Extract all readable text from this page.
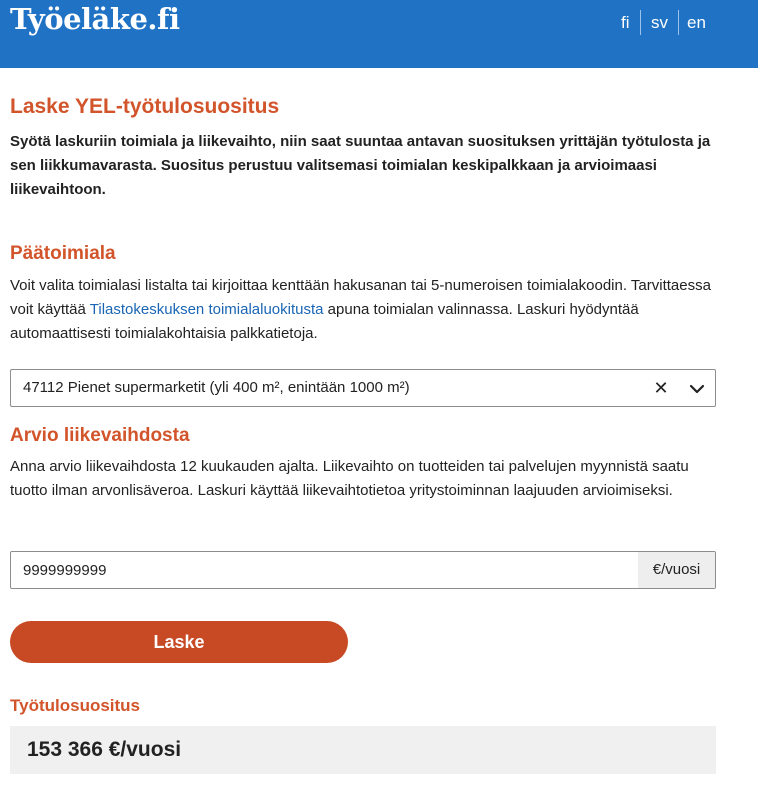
Työeläke.fi	fi sv en
Laske YEL-työtulosuositus

Syötä laskuriin toimiala ja liikevaihto, niin saat suuntaa antavan suosituksen yrittäjän työtulosta ja sen liikkumavarasta. Suositus perustuu valitsemasi toimialan keskipalkkaan ja arvioimaasi liikevaihtoon.

Päätoimiala

Voit valita toimialasi listalta tai kirjoittaa kenttään hakusanan tai 5-numeroisen toimialakoodin. Tarvittaessa voit käyttää Tilastokeskuksen toimialaluokitusta apuna toimialan valinnassa. Laskuri hyödyntää automaattisesti toimialakohtaisia palkkatietoja.

47112 Pienet supermarketit (yli 400 m², enintään 1000 m²)	✕
Arvio liikevaihdosta

Anna arvio liikevaihdosta 12 kuukauden ajalta. Liikevaihto on tuotteiden tai palvelujen myynnistä saatu tuotto ilman arvonlisäveroa. Laskuri käyttää liikevaihtotietoa yritystoiminnan laajuuden arvioimiseksi.

9999999999
€/vuosi
Laske
Työtulosuositus
153 366 €/vuosi
